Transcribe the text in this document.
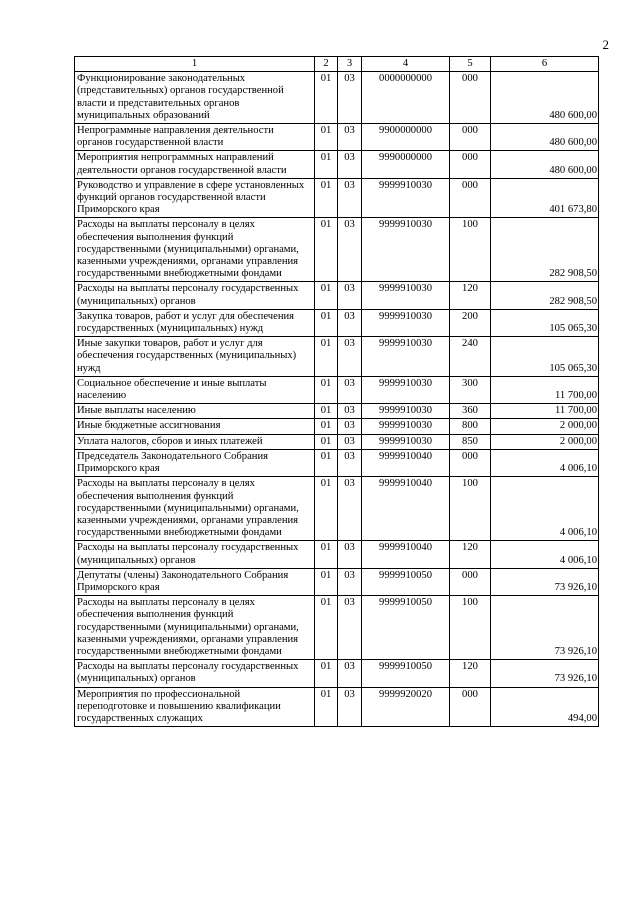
2
1	2	3	4	5	6
Функционирование законодательных (представительных) органов государственной власти и представительных органов муниципальных образований	01	03	0000000000	000	480 600,00
Непрограммные направления деятельности органов государственной власти	01	03	9900000000	000	480 600,00
Мероприятия непрограммных направлений деятельности органов государственной власти	01	03	9990000000	000	480 600,00
Руководство и управление в сфере установленных функций органов государственной власти Приморского края	01	03	9999910030	000	401 673,80
Расходы на выплаты персоналу в целях обеспечения выполнения функций государственными (муниципальными) органами, казенными учреждениями, органами управления государственными внебюджетными фондами	01	03	9999910030	100	282 908,50
Расходы на выплаты персоналу государственных (муниципальных) органов	01	03	9999910030	120	282 908,50
Закупка товаров, работ и услуг для обеспечения государственных (муниципальных) нужд	01	03	9999910030	200	105 065,30
Иные закупки товаров, работ и услуг для обеспечения государственных (муниципальных) нужд	01	03	9999910030	240	105 065,30
Социальное обеспечение и иные выплаты населению	01	03	9999910030	300	11 700,00
Иные выплаты населению	01	03	9999910030	360	11 700,00
Иные бюджетные ассигнования	01	03	9999910030	800	2 000,00
Уплата налогов, сборов и иных платежей	01	03	9999910030	850	2 000,00
Председатель Законодательного Собрания Приморского края	01	03	9999910040	000	4 006,10
Расходы на выплаты персоналу в целях обеспечения выполнения функций государственными (муниципальными) органами, казенными учреждениями, органами управления государственными внебюджетными фондами	01	03	9999910040	100	4 006,10
Расходы на выплаты персоналу государственных (муниципальных) органов	01	03	9999910040	120	4 006,10
Депутаты (члены) Законодательного Собрания Приморского края	01	03	9999910050	000	73 926,10
Расходы на выплаты персоналу в целях обеспечения выполнения функций государственными (муниципальными) органами, казенными учреждениями, органами управления государственными внебюджетными фондами	01	03	9999910050	100	73 926,10
Расходы на выплаты персоналу государственных (муниципальных) органов	01	03	9999910050	120	73 926,10
Мероприятия по профессиональной переподготовке и повышению квалификации государственных служащих	01	03	9999920020	000	494,00
